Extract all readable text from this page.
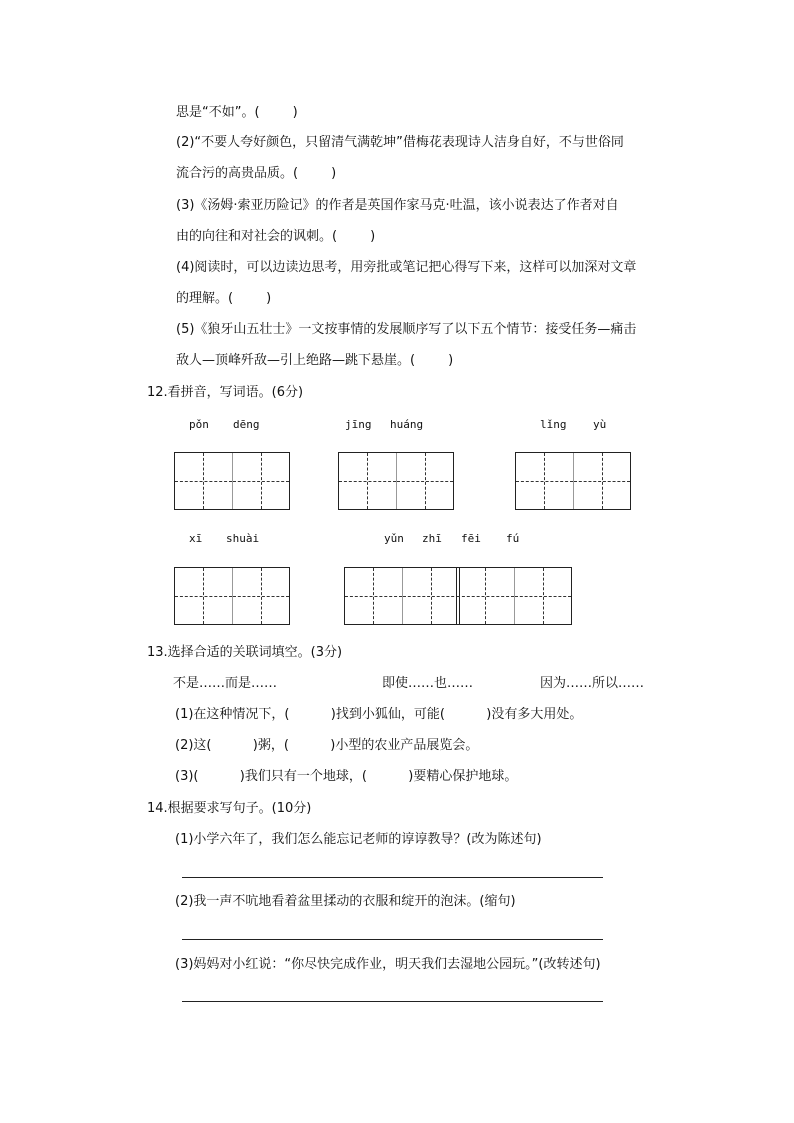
思是“不如”。(        )
(2)“不要人夸好颜色，只留清气满乾坤”借梅花表现诗人洁身自好，不与世俗同
流合污的高贵品质。(        )
(3)《汤姆·索亚历险记》的作者是英国作家马克·吐温，该小说表达了作者对自
由的向往和对社会的讽刺。(        )
(4)阅读时，可以边读边思考，用旁批或笔记把心得写下来，这样可以加深对文章
的理解。(        )
(5)《狼牙山五壮士》一文按事情的发展顺序写了以下五个情节：接受任务—痛击
敌人—顶峰歼敌—引上绝路—跳下悬崖。(        )
12.看拼音，写词语。(6分)
pǒn dēng	jīng huáng	lǐng yù
xī shuài	yǔn zhī fēi fú
13.选择合适的关联词填空。(3分)
不是……而是……	即使……也……	因为……所以……
(1)在这种情况下，(          )找到小狐仙，可能(          )没有多大用处。
(2)这(          )粥，(          )小型的农业产品展览会。
(3)(          )我们只有一个地球，(          )要精心保护地球。
14.根据要求写句子。(10分)
(1)小学六年了，我们怎么能忘记老师的谆谆教导？(改为陈述句)
(2)我一声不吭地看着盆里揉动的衣服和绽开的泡沫。(缩句)
(3)妈妈对小红说：“你尽快完成作业，明天我们去湿地公园玩。”(改转述句)
